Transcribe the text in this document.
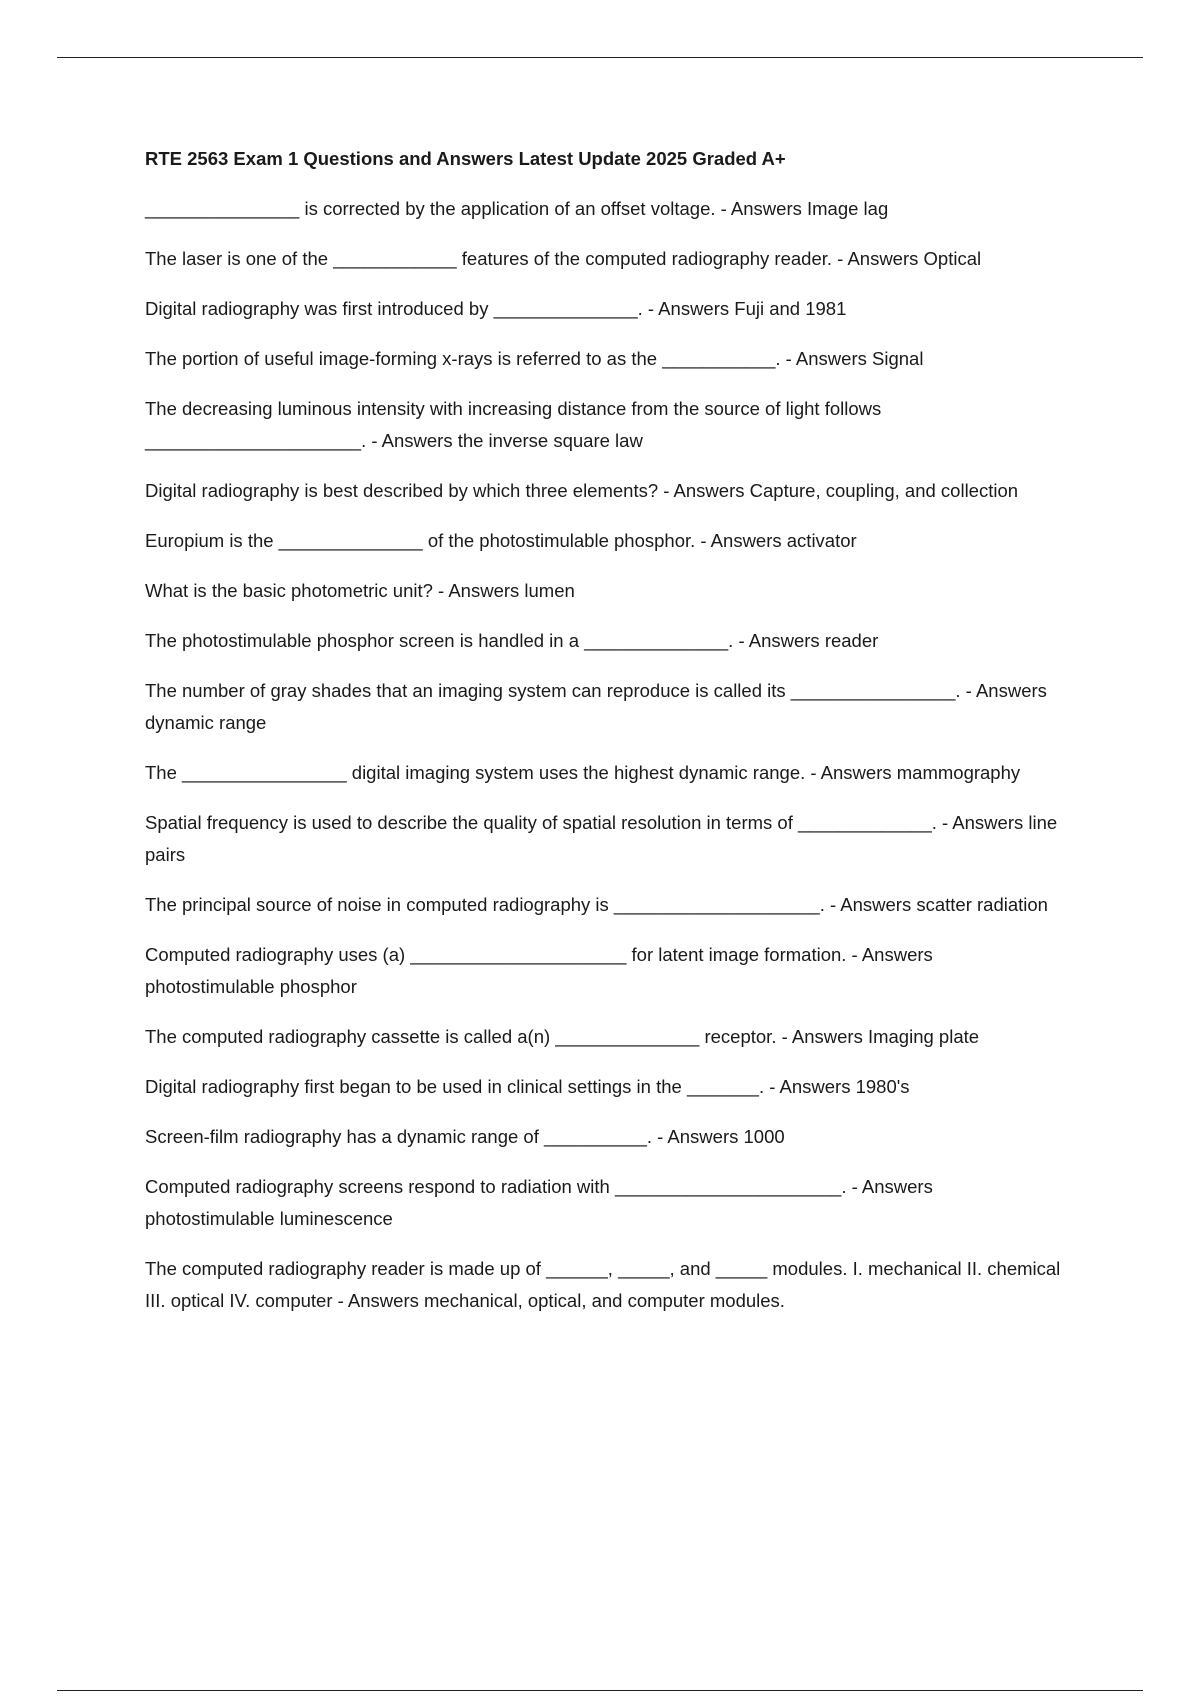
RTE 2563 Exam 1 Questions and Answers Latest Update 2025 Graded A+
_______________ is corrected by the application of an offset voltage. - Answers Image lag
The laser is one of the ____________ features of the computed radiography reader. - Answers Optical
Digital radiography was first introduced by ______________. - Answers Fuji and 1981
The portion of useful image-forming x-rays is referred to as the ___________. - Answers Signal
The decreasing luminous intensity with increasing distance from the source of light follows _____________________. - Answers the inverse square law
Digital radiography is best described by which three elements? - Answers Capture, coupling, and collection
Europium is the ______________ of the photostimulable phosphor. - Answers activator
What is the basic photometric unit? - Answers lumen
The photostimulable phosphor screen is handled in a ______________. - Answers reader
The number of gray shades that an imaging system can reproduce is called its ________________. - Answers dynamic range
The ________________ digital imaging system uses the highest dynamic range. - Answers mammography
Spatial frequency is used to describe the quality of spatial resolution in terms of _____________. - Answers line pairs
The principal source of noise in computed radiography is ____________________. - Answers scatter radiation
Computed radiography uses (a) _____________________ for latent image formation. - Answers photostimulable phosphor
The computed radiography cassette is called a(n) ______________ receptor. - Answers Imaging plate
Digital radiography first began to be used in clinical settings in the _______. - Answers 1980's
Screen-film radiography has a dynamic range of __________. - Answers 1000
Computed radiography screens respond to radiation with ______________________. - Answers photostimulable luminescence
The computed radiography reader is made up of ______, _____, and _____ modules. I. mechanical II. chemical III. optical IV. computer - Answers mechanical, optical, and computer modules.
